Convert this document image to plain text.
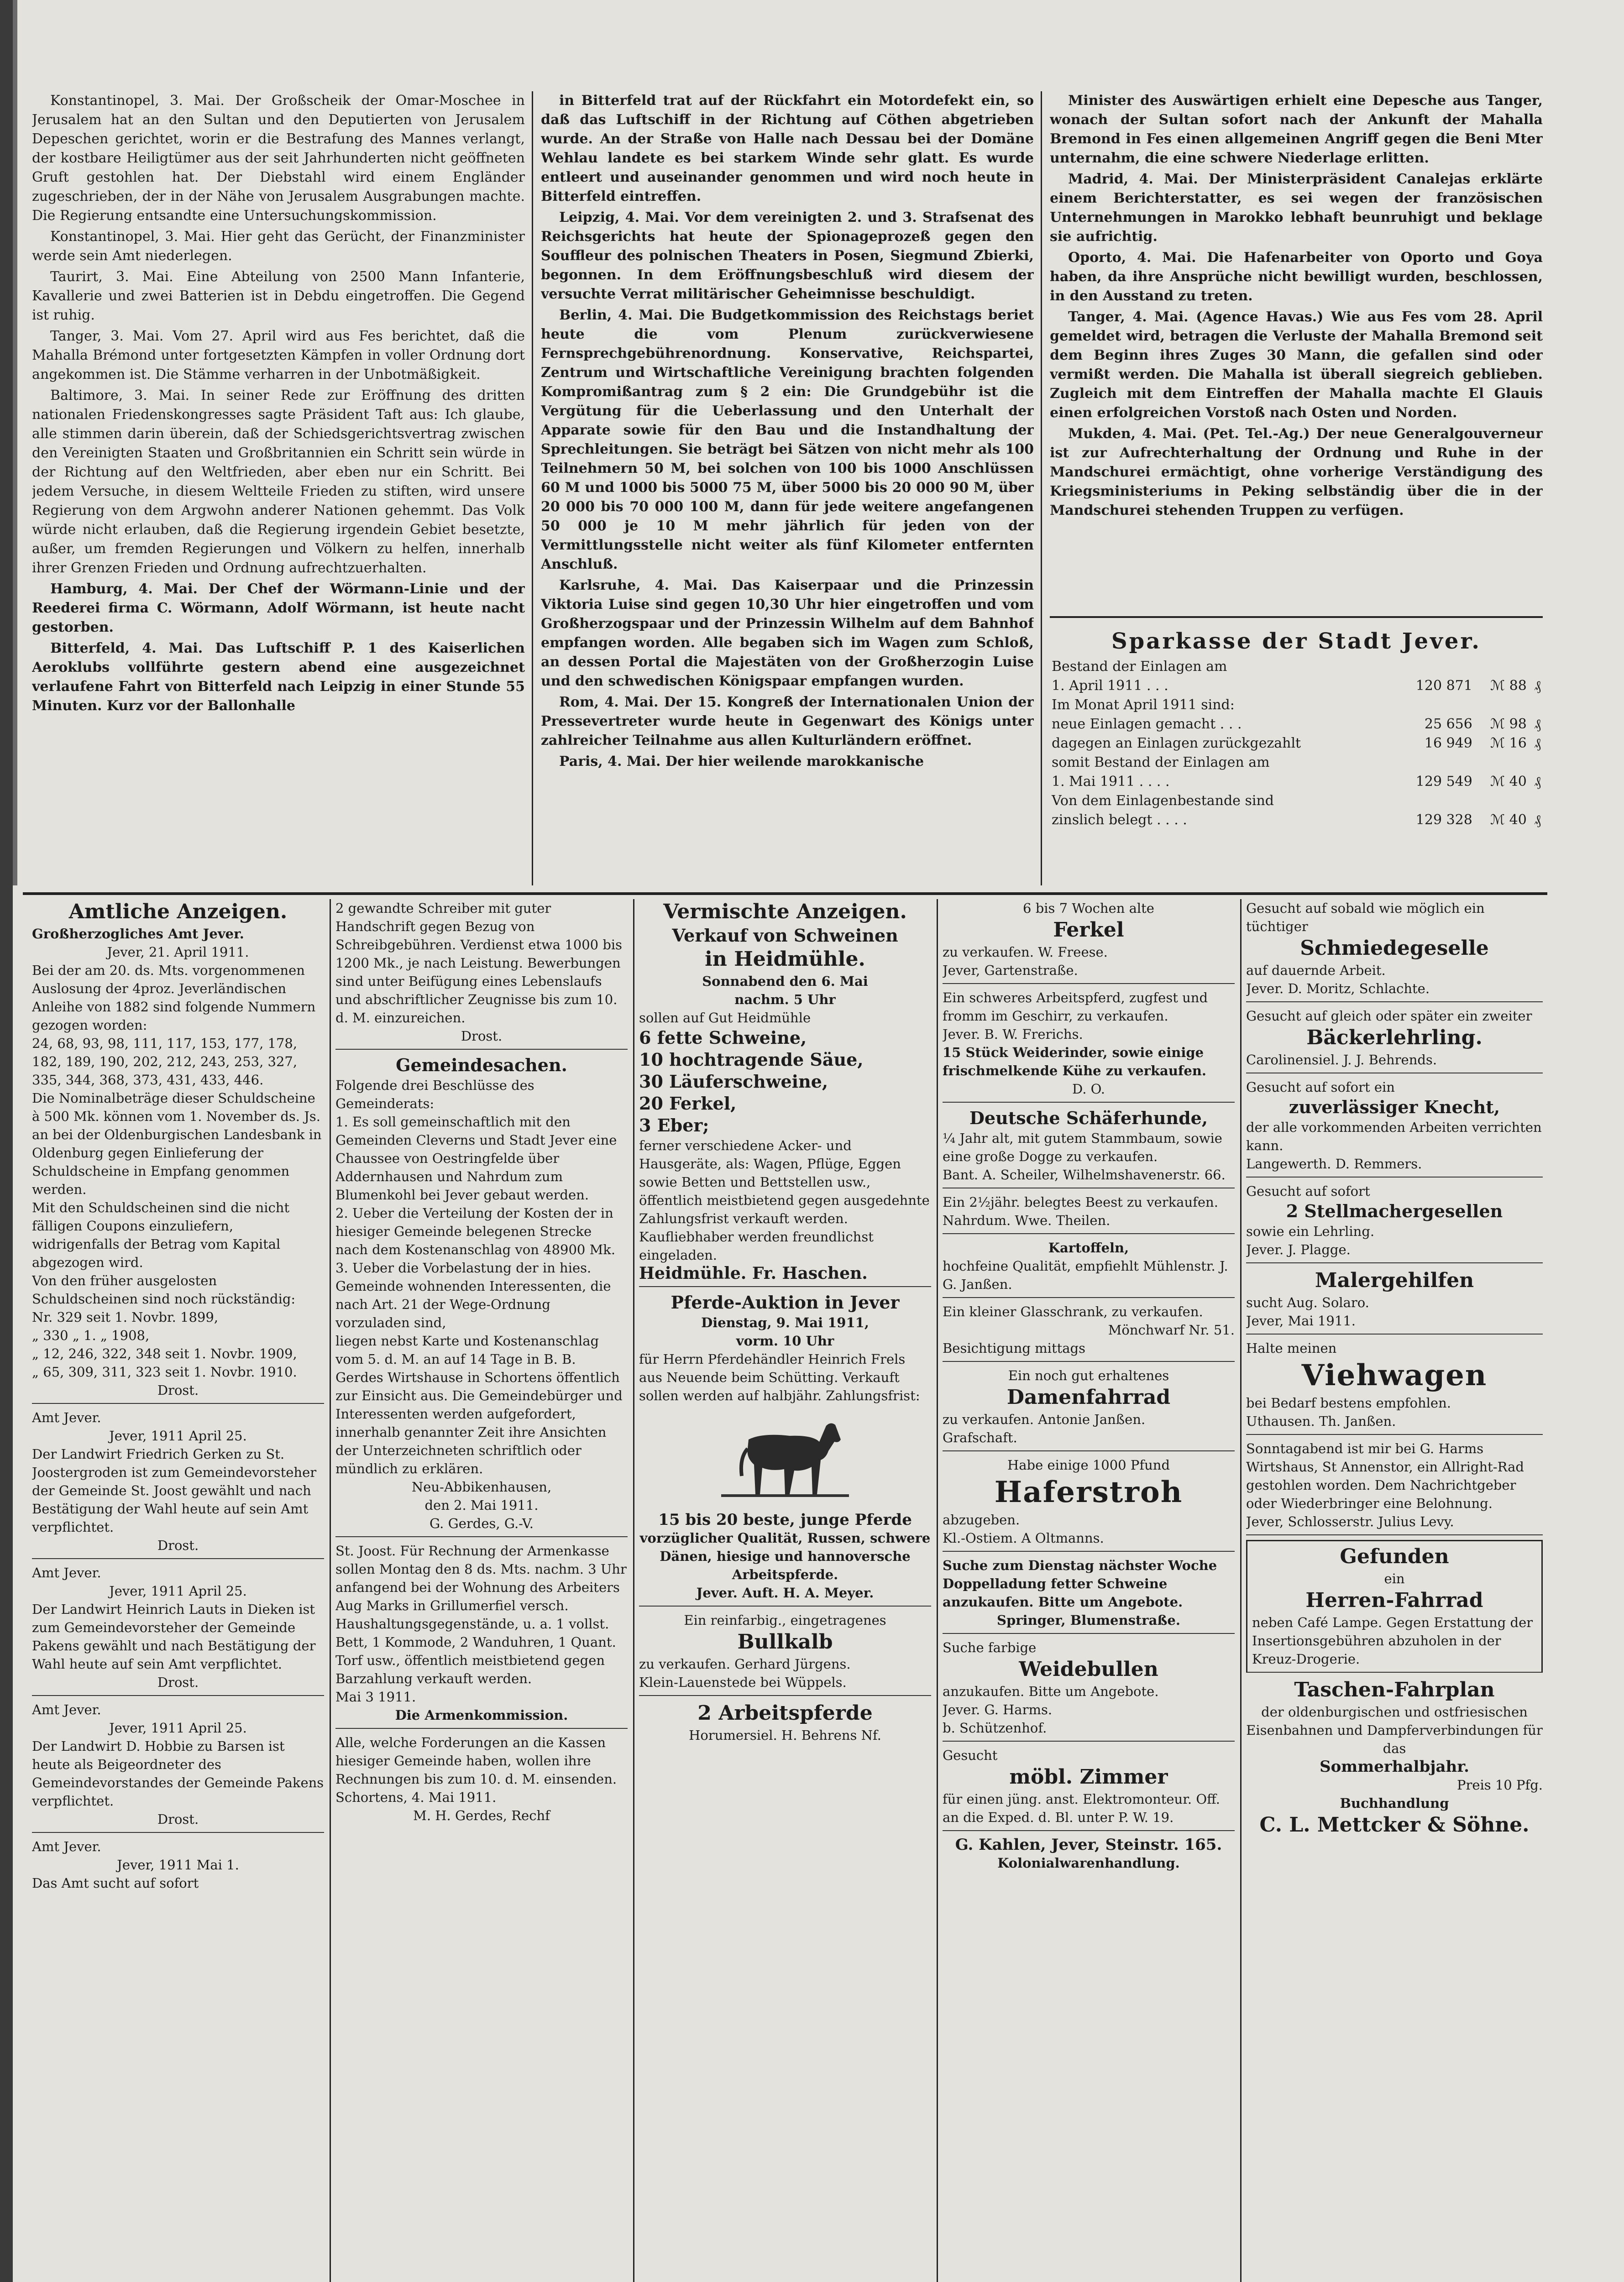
Konstantinopel, 3. Mai. Der Großscheik der Omar-Moschee in Jerusalem hat an den Sultan und den Deputierten von Jerusalem Depeschen gerichtet, worin er die Bestrafung des Mannes verlangt, der kostbare Heiligtümer aus der seit Jahrhunderten nicht geöffneten Gruft gestohlen hat. Der Diebstahl wird einem Engländer zugeschrieben, der in der Nähe von Jerusalem Ausgrabungen machte. Die Regierung entsandte eine Untersuchungskommission.

Konstantinopel, 3. Mai. Hier geht das Gerücht, der Finanzminister werde sein Amt niederlegen.

Taurirt, 3. Mai. Eine Abteilung von 2500 Mann Infanterie, Kavallerie und zwei Batterien ist in Debdu eingetroffen. Die Gegend ist ruhig.

Tanger, 3. Mai. Vom 27. April wird aus Fes berichtet, daß die Mahalla Brémond unter fortgesetzten Kämpfen in voller Ordnung dort angekommen ist. Die Stämme verharren in der Unbotmäßigkeit.

Baltimore, 3. Mai. In seiner Rede zur Eröffnung des dritten nationalen Friedenskongresses sagte Präsident Taft aus: Ich glaube, alle stimmen darin überein, daß der Schiedsgerichtsvertrag zwischen den Vereinigten Staaten und Großbritannien ein Schritt sein würde in der Richtung auf den Weltfrieden, aber eben nur ein Schritt. Bei jedem Versuche, in diesem Weltteile Frieden zu stiften, wird unsere Regierung von dem Argwohn anderer Nationen gehemmt. Das Volk würde nicht erlauben, daß die Regierung irgendein Gebiet besetzte, außer, um fremden Regierungen und Völkern zu helfen, innerhalb ihrer Grenzen Frieden und Ordnung aufrechtzuerhalten.

Hamburg, 4. Mai. Der Chef der Wörmann-Linie und der Reederei firma C. Wörmann, Adolf Wörmann, ist heute nacht gestorben.

Bitterfeld, 4. Mai. Das Luftschiff P. 1 des Kaiserlichen Aeroklubs vollführte gestern abend eine ausgezeichnet verlaufene Fahrt von Bitterfeld nach Leipzig in einer Stunde 55 Minuten. Kurz vor der Ballonhalle

in Bitterfeld trat auf der Rückfahrt ein Motordefekt ein, so daß das Luftschiff in der Richtung auf Cöthen abgetrieben wurde. An der Straße von Halle nach Dessau bei der Domäne Wehlau landete es bei starkem Winde sehr glatt. Es wurde entleert und auseinander genommen und wird noch heute in Bitterfeld eintreffen.

Leipzig, 4. Mai. Vor dem vereinigten 2. und 3. Strafsenat des Reichsgerichts hat heute der Spionageprozeß gegen den Souffleur des polnischen Theaters in Posen, Siegmund Zbierki, begonnen. In dem Eröffnungsbeschluß wird diesem der versuchte Verrat militärischer Geheimnisse beschuldigt.

Berlin, 4. Mai. Die Budgetkommission des Reichstags beriet heute die vom Plenum zurückverwiesene Fernsprechgebührenordnung. Konservative, Reichspartei, Zentrum und Wirtschaftliche Vereinigung brachten folgenden Kompromißantrag zum § 2 ein: Die Grundgebühr ist die Vergütung für die Ueberlassung und den Unterhalt der Apparate sowie für den Bau und die Instandhaltung der Sprechleitungen. Sie beträgt bei Sätzen von nicht mehr als 100 Teilnehmern 50 M, bei solchen von 100 bis 1000 Anschlüssen 60 M und 1000 bis 5000 75 M, über 5000 bis 20 000 90 M, über 20 000 bis 70 000 100 M, dann für jede weitere angefangenen 50 000 je 10 M mehr jährlich für jeden von der Vermittlungsstelle nicht weiter als fünf Kilometer entfernten Anschluß.

Karlsruhe, 4. Mai. Das Kaiserpaar und die Prinzessin Viktoria Luise sind gegen 10,30 Uhr hier eingetroffen und vom Großherzogspaar und der Prinzessin Wilhelm auf dem Bahnhof empfangen worden. Alle begaben sich im Wagen zum Schloß, an dessen Portal die Majestäten von der Großherzogin Luise und den schwedischen Königspaar empfangen wurden.

Rom, 4. Mai. Der 15. Kongreß der Internationalen Union der Pressevertreter wurde heute in Gegenwart des Königs unter zahlreicher Teilnahme aus allen Kulturländern eröffnet.

Paris, 4. Mai. Der hier weilende marokkanische

Minister des Auswärtigen erhielt eine Depesche aus Tanger, wonach der Sultan sofort nach der Ankunft der Mahalla Bremond in Fes einen allgemeinen Angriff gegen die Beni Mter unternahm, die eine schwere Niederlage erlitten.

Madrid, 4. Mai. Der Ministerpräsident Canalejas erklärte einem Berichterstatter, es sei wegen der französischen Unternehmungen in Marokko lebhaft beunruhigt und beklage sie aufrichtig.

Oporto, 4. Mai. Die Hafenarbeiter von Oporto und Goya haben, da ihre Ansprüche nicht bewilligt wurden, beschlossen, in den Ausstand zu treten.

Tanger, 4. Mai. (Agence Havas.) Wie aus Fes vom 28. April gemeldet wird, betragen die Verluste der Mahalla Bremond seit dem Beginn ihres Zuges 30 Mann, die gefallen sind oder vermißt werden. Die Mahalla ist überall siegreich geblieben. Zugleich mit dem Eintreffen der Mahalla machte El Glauis einen erfolgreichen Vorstoß nach Osten und Norden.

Mukden, 4. Mai. (Pet. Tel.-Ag.) Der neue Generalgouverneur ist zur Aufrechterhaltung der Ordnung und Ruhe in der Mandschurei ermächtigt, ohne vorherige Verständigung des Kriegsministeriums in Peking selbständig über die in der Mandschurei stehenden Truppen zu verfügen.

Sparkasse der Stadt Jever.
Bestand der Einlagen am			
1. April 1911 . . .	120 871	ℳ 88	₰
Im Monat April 1911 sind:			
neue Einlagen gemacht . . .	25 656	ℳ 98	₰
dagegen an Einlagen zurückgezahlt	16 949	ℳ 16	₰
somit Bestand der Einlagen am			
1. Mai 1911 . . . .	129 549	ℳ 40	₰
Von dem Einlagenbestande sind			
zinslich belegt . . . .	129 328	ℳ 40	₰
Amtliche Anzeigen.
Großherzogliches Amt Jever.
Jever, 21. April 1911.
Bei der am 20. ds. Mts. vorgenommenen Auslosung der 4proz. Jeverländischen Anleihe von 1882 sind folgende Nummern gezogen worden:
24, 68, 93, 98, 111, 117, 153, 177, 178, 182, 189, 190, 202, 212, 243, 253, 327, 335, 344, 368, 373, 431, 433, 446.
Die Nominalbeträge dieser Schuldscheine à 500 Mk. können vom 1. November ds. Js. an bei der Oldenburgischen Landesbank in Oldenburg gegen Einlieferung der Schuldscheine in Empfang genommen werden.
Mit den Schuldscheinen sind die nicht fälligen Coupons einzuliefern, widrigenfalls der Betrag vom Kapital abgezogen wird.
Von den früher ausgelosten Schuldscheinen sind noch rückständig:
Nr. 329 seit 1. Novbr. 1899,
„ 330 „ 1. „ 1908,
„ 12, 246, 322, 348 seit 1. Novbr. 1909,
„ 65, 309, 311, 323 seit 1. Novbr. 1910.
Drost.
Amt Jever.
Jever, 1911 April 25.
Der Landwirt Friedrich Gerken zu St. Joostergroden ist zum Gemeindevorsteher der Gemeinde St. Joost gewählt und nach Bestätigung der Wahl heute auf sein Amt verpflichtet.
Drost.
Amt Jever.
Jever, 1911 April 25.
Der Landwirt Heinrich Lauts in Dieken ist zum Gemeindevorsteher der Gemeinde Pakens gewählt und nach Bestätigung der Wahl heute auf sein Amt verpflichtet.
Drost.
Amt Jever.
Jever, 1911 April 25.
Der Landwirt D. Hobbie zu Barsen ist heute als Beigeordneter des Gemeindevorstandes der Gemeinde Pakens verpflichtet.
Drost.
Amt Jever.
Jever, 1911 Mai 1.
Das Amt sucht auf sofort
2 gewandte Schreiber mit guter Handschrift gegen Bezug von Schreibgebühren. Verdienst etwa 1000 bis 1200 Mk., je nach Leistung. Bewerbungen sind unter Beifügung eines Lebenslaufs und abschriftlicher Zeugnisse bis zum 10. d. M. einzureichen.
Drost.
Gemeindesachen.
Folgende drei Beschlüsse des Gemeinderats:
1. Es soll gemeinschaftlich mit den Gemeinden Cleverns und Stadt Jever eine Chaussee von Oestringfelde über Addernhausen und Nahrdum zum Blumenkohl bei Jever gebaut werden.
2. Ueber die Verteilung der Kosten der in hiesiger Gemeinde belegenen Strecke nach dem Kostenanschlag von 48900 Mk.
3. Ueber die Vorbelastung der in hies. Gemeinde wohnenden Interessenten, die nach Art. 21 der Wege-Ordnung vorzuladen sind,
liegen nebst Karte und Kostenanschlag vom 5. d. M. an auf 14 Tage in B. B. Gerdes Wirtshause in Schortens öffentlich zur Einsicht aus. Die Gemeindebürger und Interessenten werden aufgefordert, innerhalb genannter Zeit ihre Ansichten der Unterzeichneten schriftlich oder mündlich zu erklären.
Neu-Abbikenhausen,
den 2. Mai 1911.
G. Gerdes, G.-V.
St. Joost. Für Rechnung der Armenkasse sollen Montag den 8 ds. Mts. nachm. 3 Uhr anfangend bei der Wohnung des Arbeiters Aug Marks in Grillumerfiel versch. Haushaltungsgegenstände, u. a. 1 vollst. Bett, 1 Kommode, 2 Wanduhren, 1 Quant. Torf usw., öffentlich meistbietend gegen Barzahlung verkauft werden.
Mai 3 1911.
Die Armenkommission.
Alle, welche Forderungen an die Kassen hiesiger Gemeinde haben, wollen ihre Rechnungen bis zum 10. d. M. einsenden.
Schortens, 4. Mai 1911.
M. H. Gerdes, Rechf
Vermischte Anzeigen.
Verkauf von Schweinen
in Heidmühle.
Sonnabend den 6. Mai
nachm. 5 Uhr
sollen auf Gut Heidmühle
6 fette Schweine,
10 hochtragende Säue,
30 Läuferschweine,
20 Ferkel,
3 Eber;
ferner verschiedene Acker- und Hausgeräte, als: Wagen, Pflüge, Eggen sowie Betten und Bettstellen usw., öffentlich meistbietend gegen ausgedehnte Zahlungsfrist verkauft werden.
Kaufliebhaber werden freundlichst eingeladen.
Heidmühle. Fr. Haschen.
Pferde-Auktion in Jever
Dienstag, 9. Mai 1911,
vorm. 10 Uhr
für Herrn Pferdehändler Heinrich Frels aus Neuende beim Schütting. Verkauft sollen werden auf halbjähr. Zahlungsfrist:
15 bis 20 beste, junge Pferde
vorzüglicher Qualität, Russen, schwere Dänen, hiesige und hannoversche Arbeitspferde.
Jever. Auft. H. A. Meyer.
Ein reinfarbig., eingetragenes
Bullkalb
zu verkaufen. Gerhard Jürgens.
Klein-Lauenstede bei Wüppels.
2 Arbeitspferde
Horumersiel. H. Behrens Nf.
6 bis 7 Wochen alte
Ferkel
zu verkaufen. W. Freese.
Jever, Gartenstraße.
Ein schweres Arbeitspferd, zugfest und fromm im Geschirr, zu verkaufen.
Jever. B. W. Frerichs.
15 Stück Weiderinder, sowie einige frischmelkende Kühe zu verkaufen.
D. O.
Deutsche Schäferhunde,
¼ Jahr alt, mit gutem Stammbaum, sowie eine große Dogge zu verkaufen.
Bant. A. Scheiler, Wilhelmshavenerstr. 66.
Ein 2½jähr. belegtes Beest zu verkaufen.
Nahrdum. Wwe. Theilen.
Kartoffeln,
hochfeine Qualität, empfiehlt Mühlenstr. J. G. Janßen.
Ein kleiner Glasschrank, zu verkaufen.
Mönchwarf Nr. 51.
Besichtigung mittags
Ein noch gut erhaltenes
Damenfahrrad
zu verkaufen. Antonie Janßen.
Grafschaft.
Habe einige 1000 Pfund
Haferstroh
abzugeben.
Kl.-Ostiem. A Oltmanns.
Suche zum Dienstag nächster Woche Doppelladung fetter Schweine anzukaufen. Bitte um Angebote.
Springer, Blumenstraße.
Suche farbige
Weidebullen
anzukaufen. Bitte um Angebote.
Jever. G. Harms.
b. Schützenhof.
Gesucht
möbl. Zimmer
für einen jüng. anst. Elektromonteur. Off. an die Exped. d. Bl. unter P. W. 19.
G. Kahlen, Jever, Steinstr. 165.
Kolonialwarenhandlung.
Gesucht auf sobald wie möglich ein tüchtiger
Schmiedegeselle
auf dauernde Arbeit.
Jever. D. Moritz, Schlachte.
Gesucht auf gleich oder später ein zweiter
Bäckerlehrling.
Carolinensiel. J. J. Behrends.
Gesucht auf sofort ein
zuverlässiger Knecht,
der alle vorkommenden Arbeiten verrichten kann.
Langewerth. D. Remmers.
Gesucht auf sofort
2 Stellmachergesellen
sowie ein Lehrling.
Jever. J. Plagge.
Malergehilfen
sucht Aug. Solaro.
Jever, Mai 1911.
Halte meinen
Viehwagen
bei Bedarf bestens empfohlen.
Uthausen. Th. Janßen.
Sonntagabend ist mir bei G. Harms Wirtshaus, St Annenstor, ein Allright-Rad gestohlen worden. Dem Nachrichtgeber oder Wiederbringer eine Belohnung.
Jever, Schlosserstr. Julius Levy.
Gefunden
ein
Herren-Fahrrad
neben Café Lampe. Gegen Erstattung der Insertionsgebühren abzuholen in der Kreuz-Drogerie.
Taschen-Fahrplan
der oldenburgischen und ostfriesischen Eisenbahnen und Dampferverbindungen für das
Sommerhalbjahr.
Preis 10 Pfg.
Buchhandlung
C. L. Mettcker & Söhne.
